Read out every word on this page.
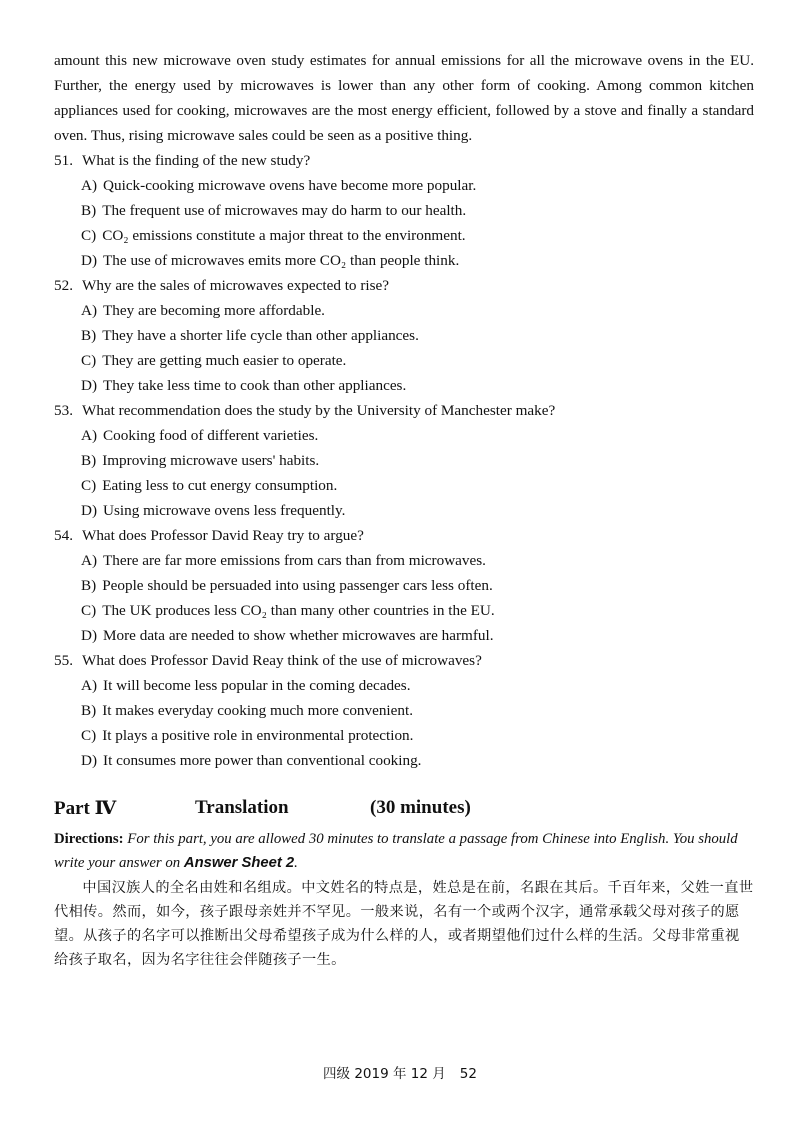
amount this new microwave oven study estimates for annual emissions for all the microwave ovens in the EU. Further, the energy used by microwaves is lower than any other form of cooking. Among common kitchen appliances used for cooking, microwaves are the most energy efficient, followed by a stove and finally a standard oven. Thus, rising microwave sales could be seen as a positive thing.

51. What is the finding of the new study?

A) Quick-cooking microwave ovens have become more popular.

B) The frequent use of microwaves may do harm to our health.

C) CO₂ emissions constitute a major threat to the environment.

D) The use of microwaves emits more CO₂ than people think.

52. Why are the sales of microwaves expected to rise?

A) They are becoming more affordable.

B) They have a shorter life cycle than other appliances.

C) They are getting much easier to operate.

D) They take less time to cook than other appliances.

53. What recommendation does the study by the University of Manchester make?

A) Cooking food of different varieties.

B) Improving microwave users' habits.

C) Eating less to cut energy consumption.

D) Using microwave ovens less frequently.

54. What does Professor David Reay try to argue?

A) There are far more emissions from cars than from microwaves.

B) People should be persuaded into using passenger cars less often.

C) The UK produces less CO₂ than many other countries in the EU.

D) More data are needed to show whether microwaves are harmful.

55. What does Professor David Reay think of the use of microwaves?

A) It will become less popular in the coming decades.

B) It makes everyday cooking much more convenient.

C) It plays a positive role in environmental protection.

D) It consumes more power than conventional cooking.

Part Ⅳ	Translation	(30 minutes)

Directions: For this part, you are allowed 30 minutes to translate a passage from Chinese into English. You should write your answer on Answer Sheet 2.

中国汉族人的全名由姓和名组成。中文姓名的特点是，姓总是在前，名跟在其后。千百年来，父姓一直世代相传。然而，如今，孩子跟母亲姓并不罕见。一般来说，名有一个或两个汉字，通常承载父母对孩子的愿望。从孩子的名字可以推断出父母希望孩子成为什么样的人，或者期望他们过什么样的生活。父母非常重视给孩子取名，因为名字往往会伴随孩子一生。

四级 2019 年 12 月 52
